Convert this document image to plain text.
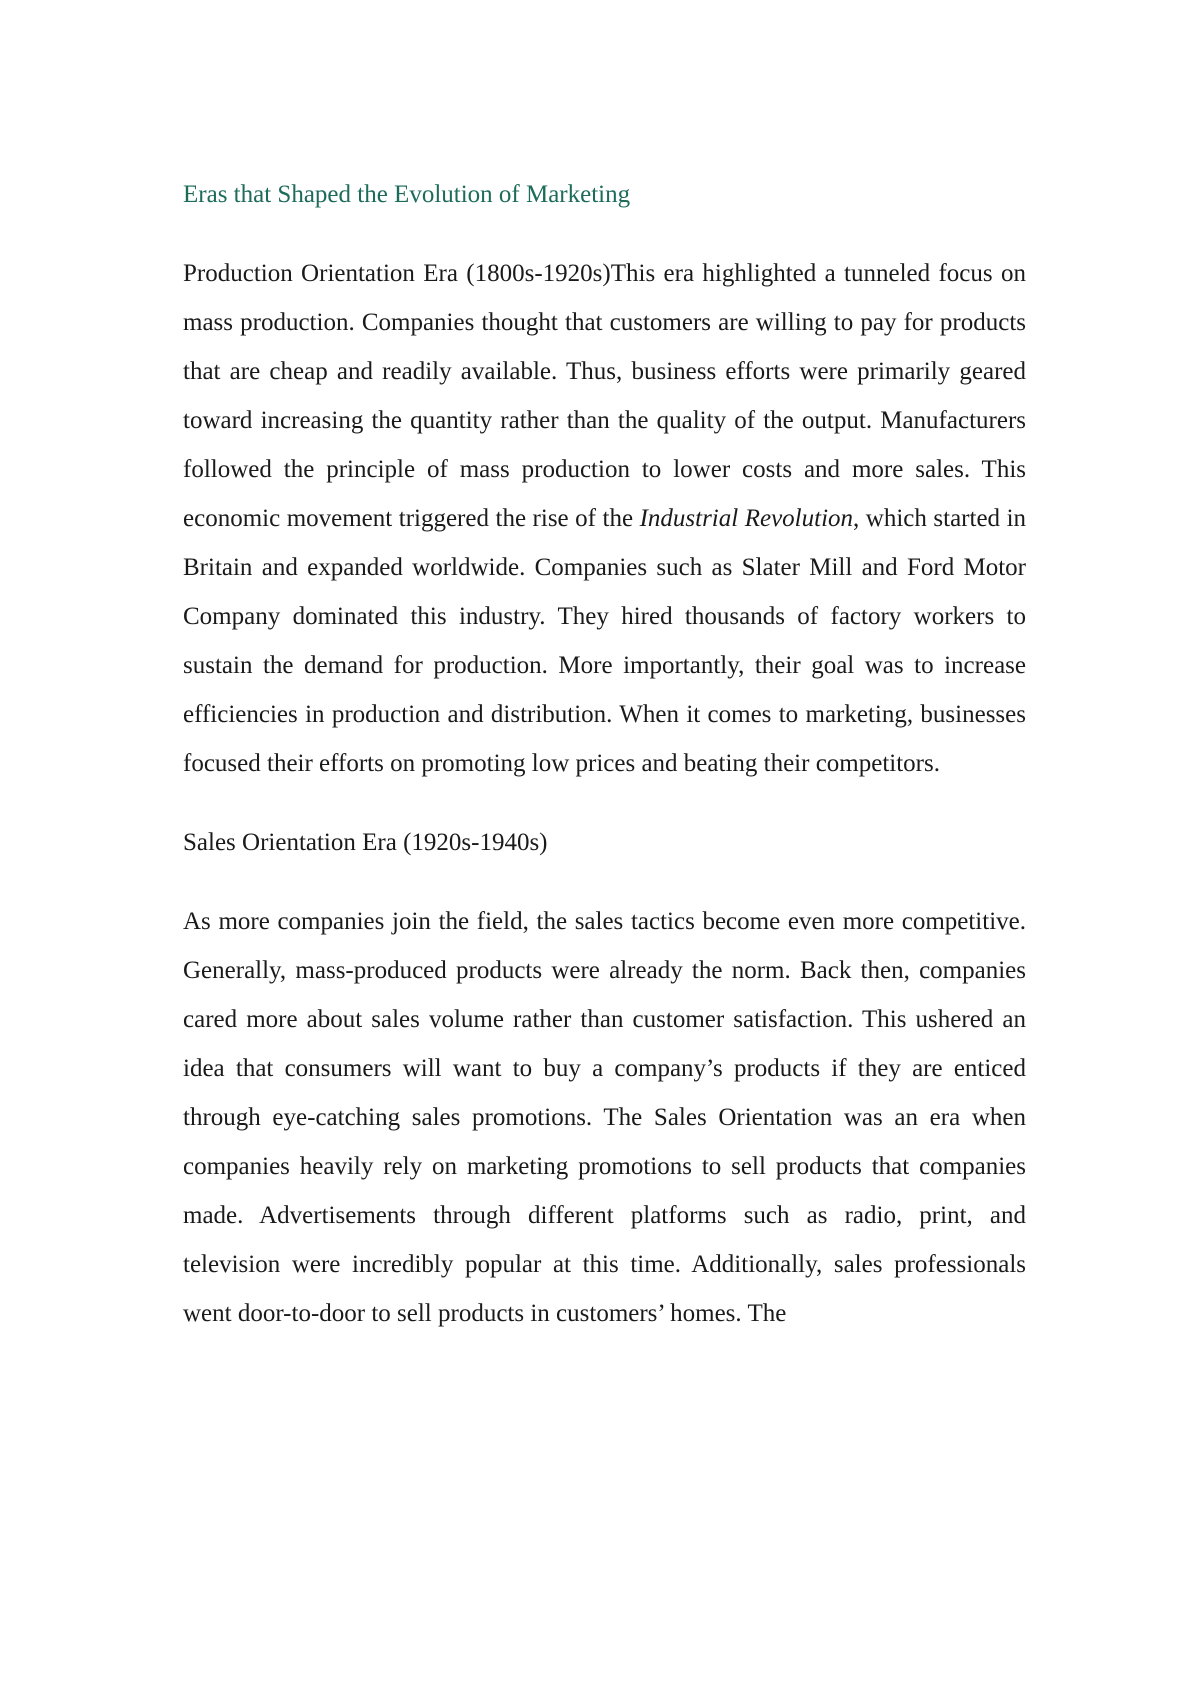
Eras that Shaped the Evolution of Marketing

Production Orientation Era (1800s-1920s)This era highlighted a tunneled focus on mass production. Companies thought that customers are willing to pay for products that are cheap and readily available. Thus, business efforts were primarily geared toward increasing the quantity rather than the quality of the output. Manufacturers followed the principle of mass production to lower costs and more sales. This economic movement triggered the rise of the Industrial Revolution, which started in Britain and expanded worldwide. Companies such as Slater Mill and Ford Motor Company dominated this industry. They hired thousands of factory workers to sustain the demand for production. More importantly, their goal was to increase efficiencies in production and distribution. When it comes to marketing, businesses focused their efforts on promoting low prices and beating their competitors.

Sales Orientation Era (1920s-1940s)

As more companies join the field, the sales tactics become even more competitive. Generally, mass-produced products were already the norm. Back then, companies cared more about sales volume rather than customer satisfaction. This ushered an idea that consumers will want to buy a company’s products if they are enticed through eye-catching sales promotions. The Sales Orientation was an era when companies heavily rely on marketing promotions to sell products that companies made. Advertisements through different platforms such as radio, print, and television were incredibly popular at this time. Additionally, sales professionals went door-to-door to sell products in customers’ homes. The
